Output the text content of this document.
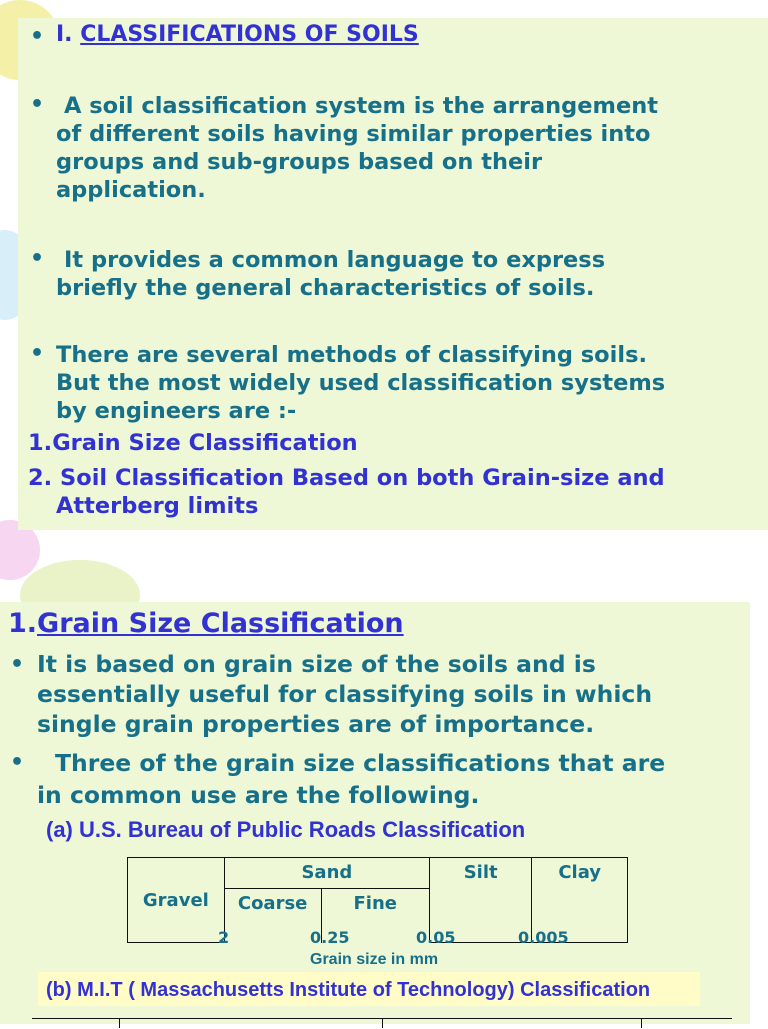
• I. CLASSIFICATIONS OF SOILS
• A soil classification system is the arrangement
of different soils having similar properties into
groups and sub-groups based on their
application.
• It provides a common language to express
briefly the general characteristics of soils.
• There are several methods of classifying soils.
But the most widely used classification systems
by engineers are :-
1.Grain Size Classification
2. Soil Classification Based on both Grain-size and
Atterberg limits
1.Grain Size Classification
• It is based on grain size of the soils and is
essentially useful for classifying soils in which
single grain properties are of importance.
•	Three of the grain size classifications that are
in common use are the following.
(a) U.S. Bureau of Public Roads Classification
Gravel	Sand		Silt	Clay
	Coarse	Fine		
2	0.25	0.05	0.005
Grain size in mm
(b) M.I.T ( Massachusetts Institute of Technology) Classification
